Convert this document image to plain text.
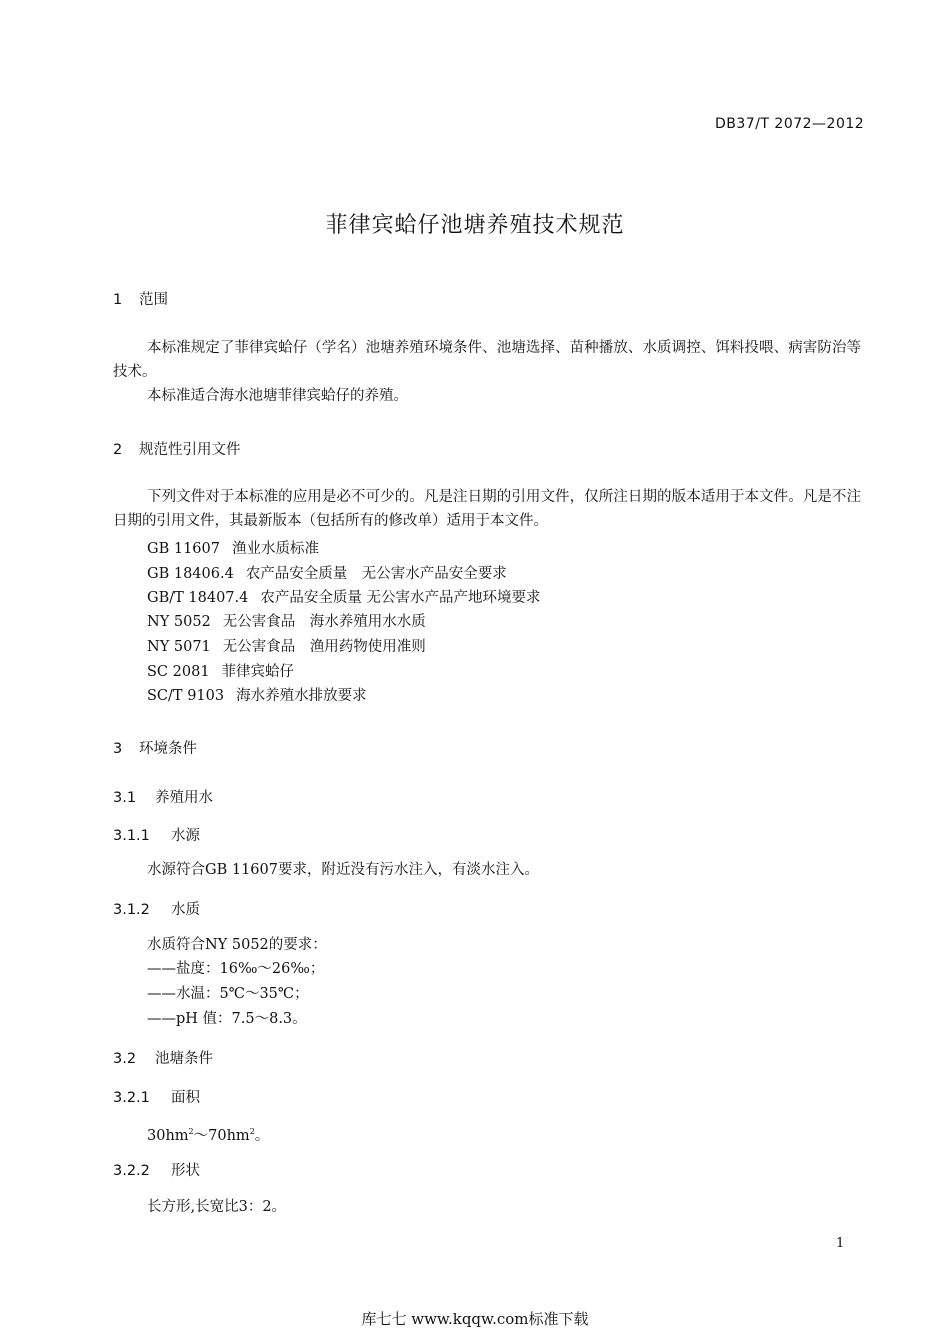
DB37/T 2072—2012
菲律宾蛤仔池塘养殖技术规范
1 范围
本标准规定了菲律宾蛤仔（学名）池塘养殖环境条件、池塘选择、苗种播放、水质调控、饵料投喂、病害防治等技术。
本标准适合海水池塘菲律宾蛤仔的养殖。
2 规范性引用文件
下列文件对于本标准的应用是必不可少的。凡是注日期的引用文件，仅所注日期的版本适用于本文件。凡是不注日期的引用文件，其最新版本（包括所有的修改单）适用于本文件。
GB 11607 渔业水质标准
GB 18406.4 农产品安全质量　无公害水产品安全要求
GB/T 18407.4 农产品安全质量 无公害水产品产地环境要求
NY 5052 无公害食品　海水养殖用水水质
NY 5071 无公害食品　渔用药物使用准则
SC 2081 菲律宾蛤仔
SC/T 9103 海水养殖水排放要求
3 环境条件
3.1 养殖用水
3.1.1 水源
水源符合GB 11607要求，附近没有污水注入，有淡水注入。
3.1.2 水质
水质符合NY 5052的要求：
——盐度：16‰～26‰；
——水温：5℃～35℃；
——pH 值：7.5～8.3。
3.2 池塘条件
3.2.1 面积
$30hm^2\sim 70hm^2$。
3.2.2 形状
长方形,长宽比3：2。
1
库七七 www.kqqw.com标准下载
